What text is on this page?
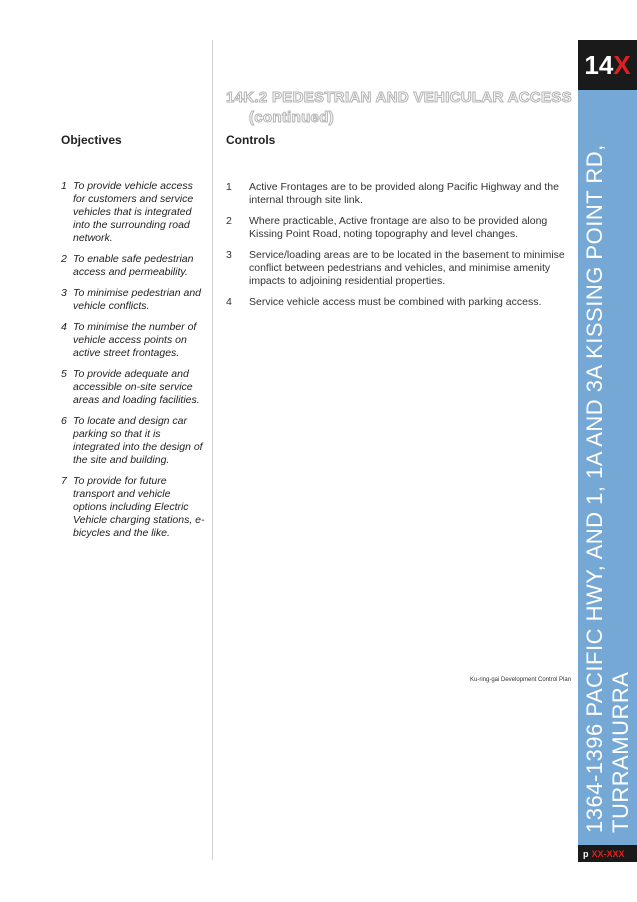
14K.2 PEDESTRIAN AND VEHICULAR ACCESS
(continued)
Objectives	Controls
1 To provide vehicle access for customers and service vehicles that is integrated into the surrounding road network.
2 To enable safe pedestrian access and permeability.
3 To minimise pedestrian and vehicle conflicts.
4 To minimise the number of vehicle access points on active street frontages.
5 To provide adequate and accessible on-site service areas and loading facilities.
6 To locate and design car parking so that it is integrated into the design of the site and building.
7 To provide for future transport and vehicle options including Electric Vehicle charging stations, e-bicycles and the like.
1	Active Frontages are to be provided along Pacific Highway and the internal through site link.
2	Where practicable, Active frontage are also to be provided along Kissing Point Road, noting topography and level changes.
3	Service/loading areas are to be located in the basement to minimise conflict between pedestrians and vehicles, and minimise amenity impacts to adjoining residential properties.
4	Service vehicle access must be combined with parking access.
Ku-ring-gai Development Control Plan 1364-1396 PACIFIC HWY, AND 1, 1A AND 3A KISSING POINT RD, TURRAMURRA
14 X
p XX-XXX
